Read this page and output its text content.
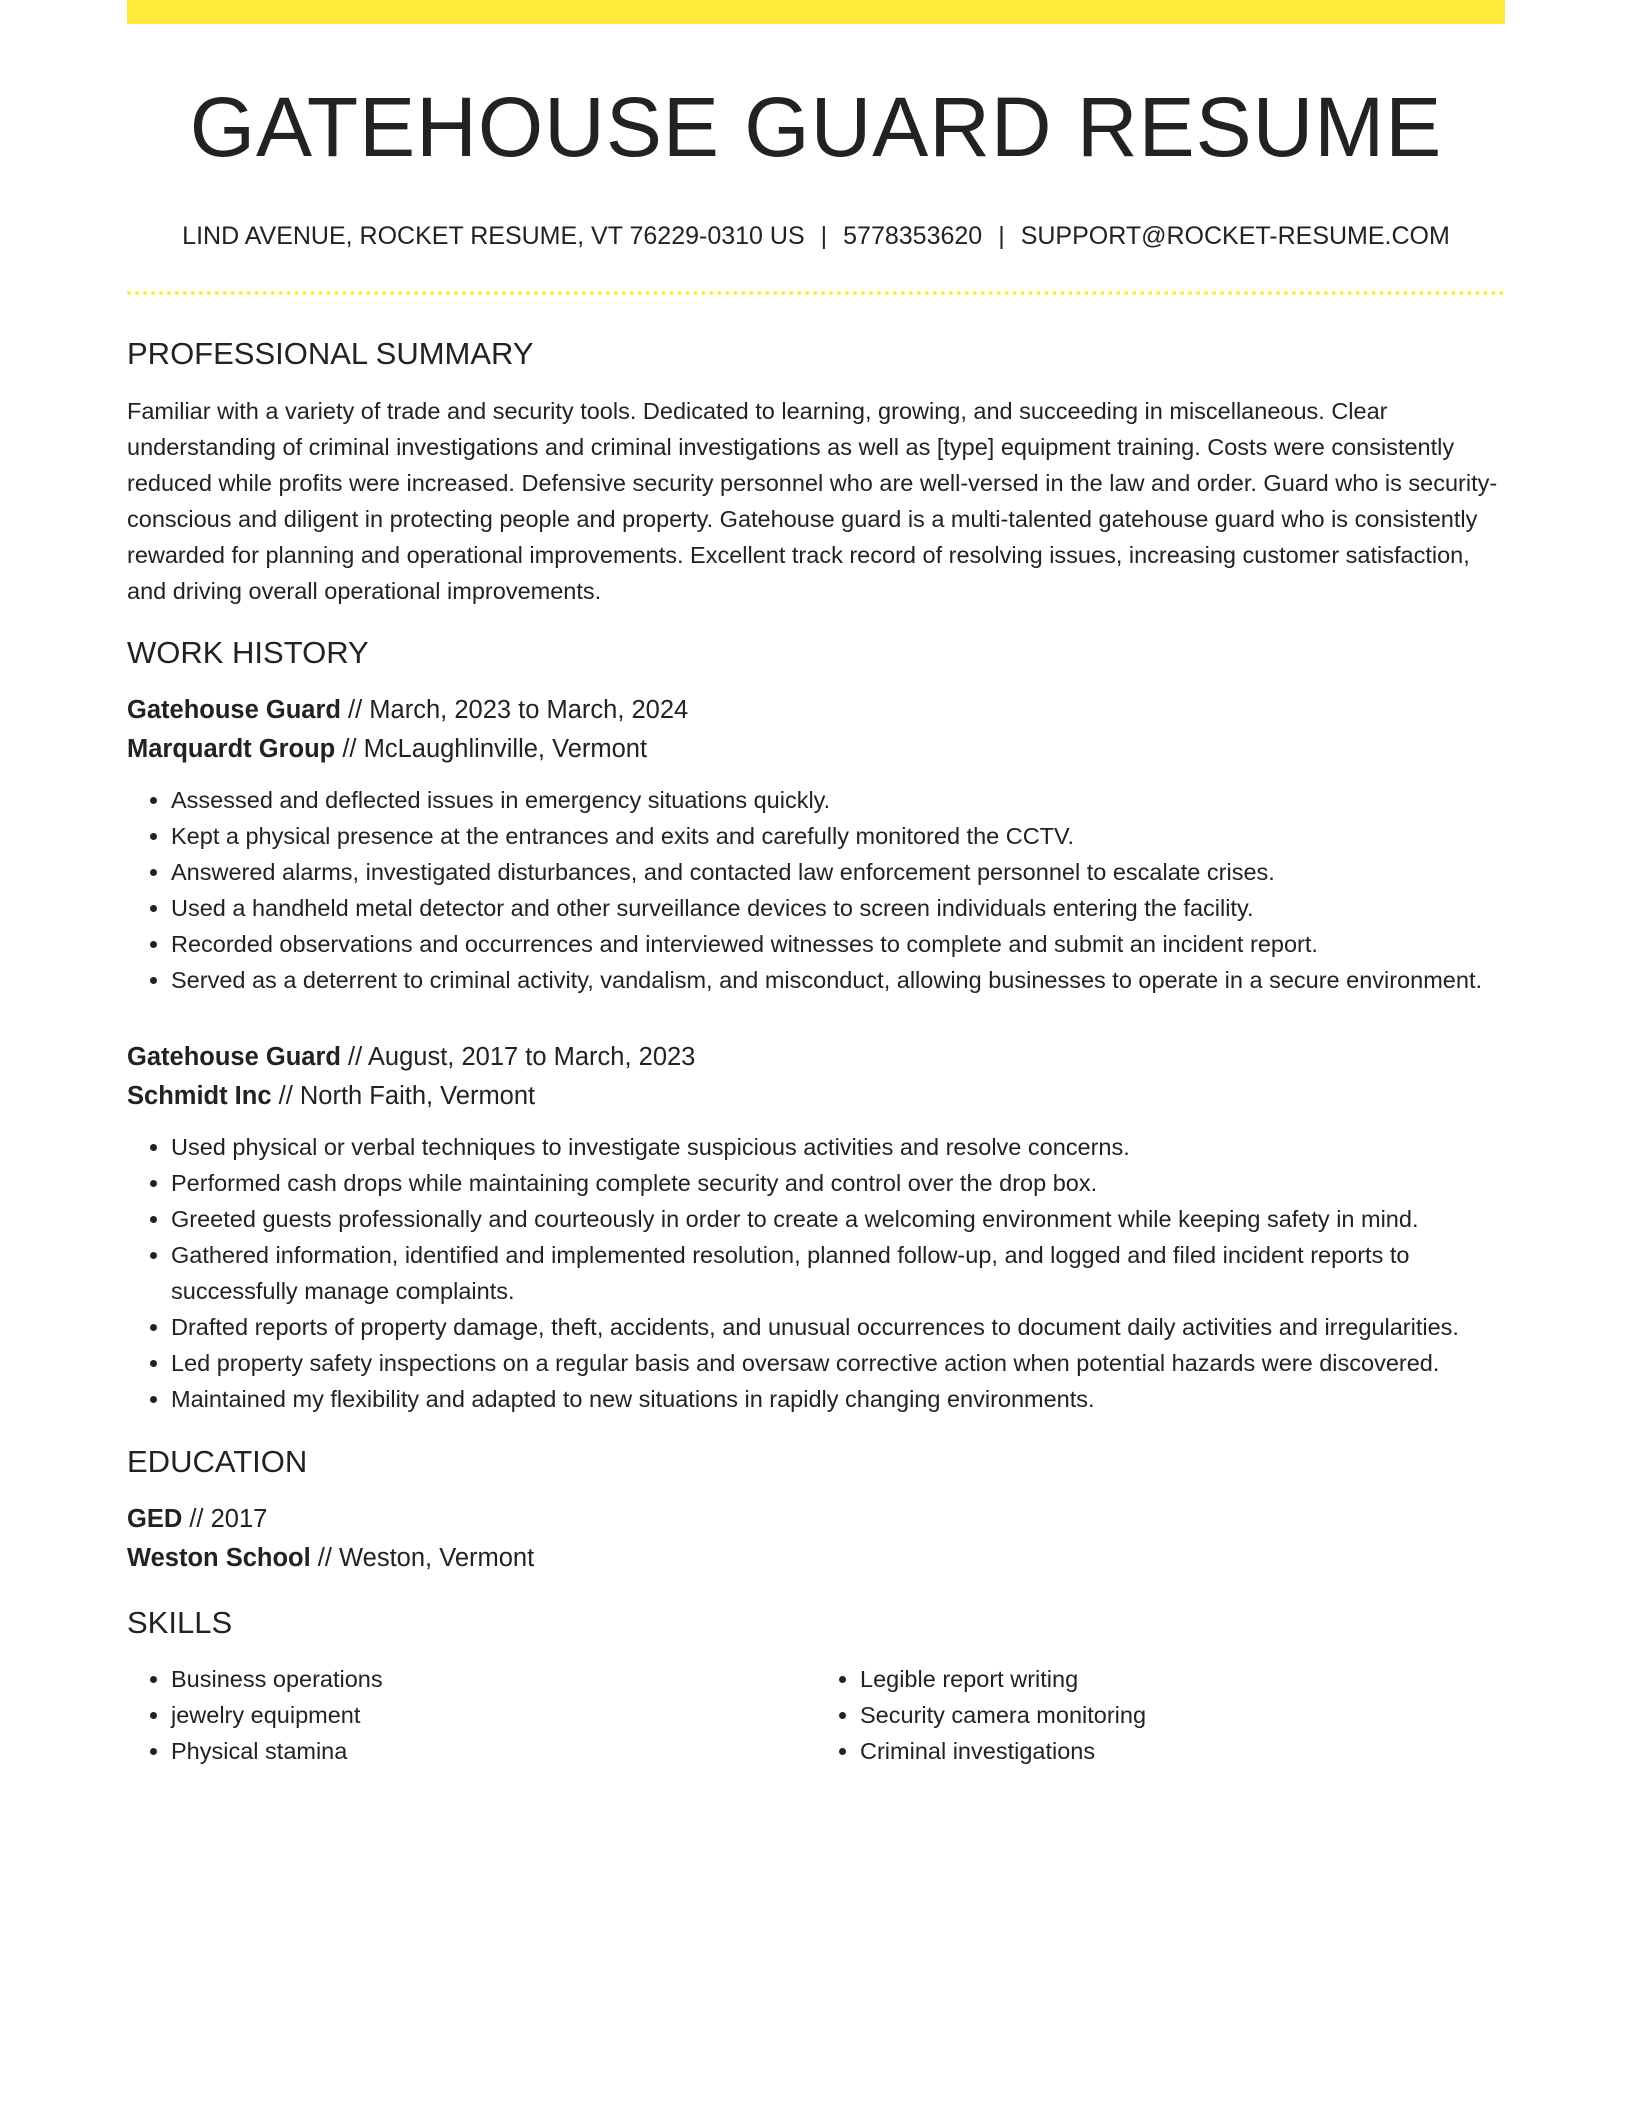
GATEHOUSE GUARD RESUME
LIND AVENUE, ROCKET RESUME, VT 76229-0310 US | 5778353620 | SUPPORT@ROCKET-RESUME.COM
PROFESSIONAL SUMMARY

Familiar with a variety of trade and security tools. Dedicated to learning, growing, and succeeding in miscellaneous. Clear understanding of criminal investigations and criminal investigations as well as [type] equipment training. Costs were consistently reduced while profits were increased. Defensive security personnel who are well-versed in the law and order. Guard who is security-conscious and diligent in protecting people and property. Gatehouse guard is a multi-talented gatehouse guard who is consistently rewarded for planning and operational improvements. Excellent track record of resolving issues, increasing customer satisfaction, and driving overall operational improvements.

WORK HISTORY
Gatehouse Guard // March, 2023 to March, 2024
Marquardt Group // McLaughlinville, Vermont
• Assessed and deflected issues in emergency situations quickly.
• Kept a physical presence at the entrances and exits and carefully monitored the CCTV.
• Answered alarms, investigated disturbances, and contacted law enforcement personnel to escalate crises.
• Used a handheld metal detector and other surveillance devices to screen individuals entering the facility.
• Recorded observations and occurrences and interviewed witnesses to complete and submit an incident report.
• Served as a deterrent to criminal activity, vandalism, and misconduct, allowing businesses to operate in a secure environment.
Gatehouse Guard // August, 2017 to March, 2023
Schmidt Inc // North Faith, Vermont
• Used physical or verbal techniques to investigate suspicious activities and resolve concerns.
• Performed cash drops while maintaining complete security and control over the drop box.
• Greeted guests professionally and courteously in order to create a welcoming environment while keeping safety in mind.
• Gathered information, identified and implemented resolution, planned follow-up, and logged and filed incident reports to successfully manage complaints.
• Drafted reports of property damage, theft, accidents, and unusual occurrences to document daily activities and irregularities.
• Led property safety inspections on a regular basis and oversaw corrective action when potential hazards were discovered.
• Maintained my flexibility and adapted to new situations in rapidly changing environments.
EDUCATION
GED // 2017
Weston School // Weston, Vermont
SKILLS
• Business operations
• jewelry equipment
• Physical stamina
• Legible report writing
• Security camera monitoring
• Criminal investigations
